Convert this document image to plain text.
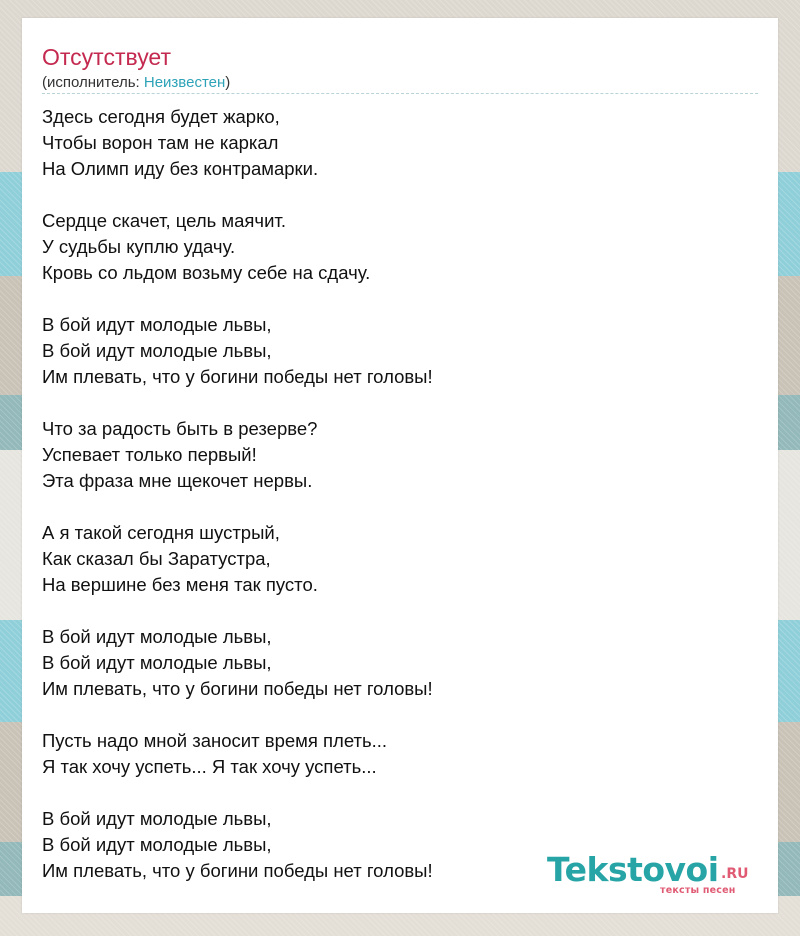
Отсутствует
(исполнитель: Неизвестен)
Здесь сегодня будет жарко,
Чтобы ворон там не каркал
На Олимп иду без контрамарки.
Сердце скачет, цель маячит.
У судьбы куплю удачу.
Кровь со льдом возьму себе на сдачу.
В бой идут молодые львы,
В бой идут молодые львы,
Им плевать, что у богини победы нет головы!
Что за радость быть в резерве?
Успевает только первый!
Эта фраза мне щекочет нервы.
А я такой сегодня шустрый,
Как сказал бы Заратустра,
На вершине без меня так пусто.
В бой идут молодые львы,
В бой идут молодые львы,
Им плевать, что у богини победы нет головы!
Пусть надо мной заносит время плеть...
Я так хочу успеть... Я так хочу успеть...
В бой идут молодые львы,
В бой идут молодые львы,
Им плевать, что у богини победы нет головы!	Tekstovoi .RU
тексты песен
